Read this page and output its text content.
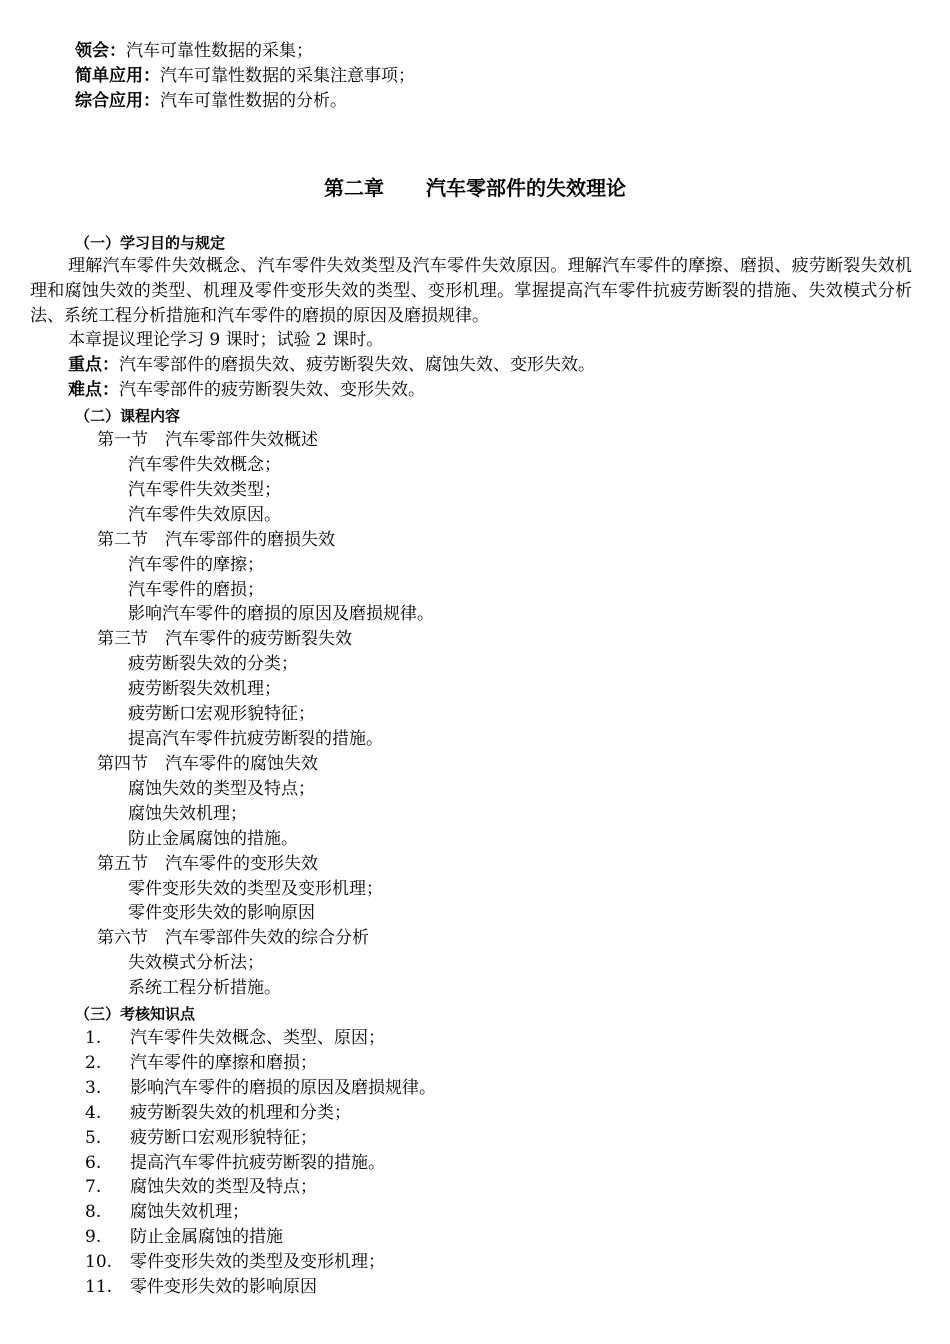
领会：汽车可靠性数据的采集；
简单应用：汽车可靠性数据的采集注意事项；
综合应用：汽车可靠性数据的分析。
第二章 汽车零部件的失效理论
（一）学习目的与规定
理解汽车零件失效概念、汽车零件失效类型及汽车零件失效原因。理解汽车零件的摩擦、磨损、疲劳断裂失效机理和腐蚀失效的类型、机理及零件变形失效的类型、变形机理。掌握提高汽车零件抗疲劳断裂的措施、失效模式分析法、系统工程分析措施和汽车零件的磨损的原因及磨损规律。
本章提议理论学习 9 课时；试验 2 课时。
重点：汽车零部件的磨损失效、疲劳断裂失效、腐蚀失效、变形失效。
难点：汽车零部件的疲劳断裂失效、变形失效。
（二）课程内容
第一节　汽车零部件失效概述
汽车零件失效概念；
汽车零件失效类型；
汽车零件失效原因。
第二节　汽车零部件的磨损失效
汽车零件的摩擦；
汽车零件的磨损；
影响汽车零件的磨损的原因及磨损规律。
第三节　汽车零件的疲劳断裂失效
疲劳断裂失效的分类；
疲劳断裂失效机理；
疲劳断口宏观形貌特征；
提高汽车零件抗疲劳断裂的措施。
第四节　汽车零件的腐蚀失效
腐蚀失效的类型及特点；
腐蚀失效机理；
防止金属腐蚀的措施。
第五节　汽车零件的变形失效
零件变形失效的类型及变形机理；
零件变形失效的影响原因
第六节　汽车零部件失效的综合分析
失效模式分析法；
系统工程分析措施。
（三）考核知识点
1. 汽车零件失效概念、类型、原因；
2. 汽车零件的摩擦和磨损；
3. 影响汽车零件的磨损的原因及磨损规律。
4. 疲劳断裂失效的机理和分类；
5. 疲劳断口宏观形貌特征；
6. 提高汽车零件抗疲劳断裂的措施。
7. 腐蚀失效的类型及特点；
8. 腐蚀失效机理；
9. 防止金属腐蚀的措施
10. 零件变形失效的类型及变形机理；
11. 零件变形失效的影响原因
